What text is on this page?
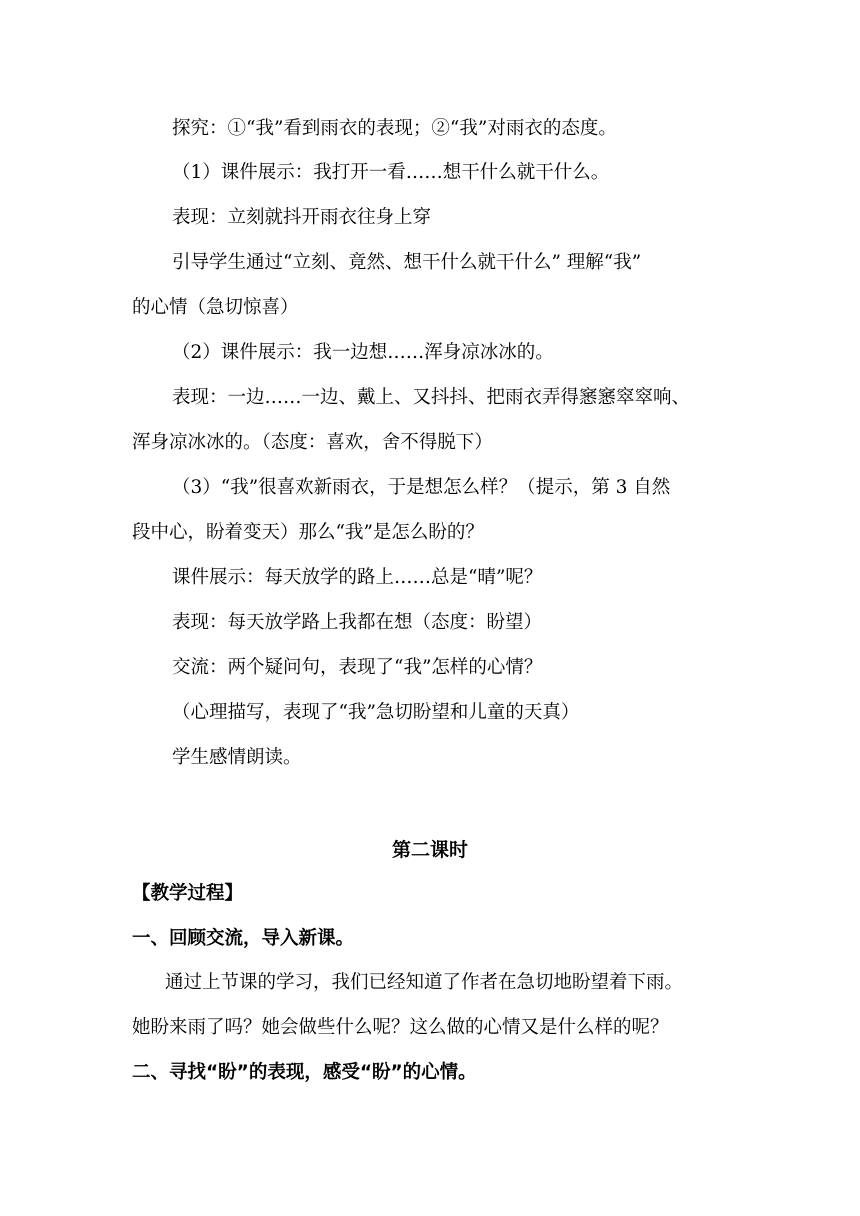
探究：①“我”看到雨衣的表现；②“我”对雨衣的态度。
（1）课件展示：我打开一看……想干什么就干什么。
表现：立刻就抖开雨衣往身上穿
引导学生通过“立刻、竟然、想干什么就干什么” 理解“我”
的心情（急切惊喜）
（2）课件展示：我一边想……浑身凉冰冰的。
表现：一边……一边、戴上、又抖抖、把雨衣弄得窸窸窣窣响、
浑身凉冰冰的。（态度：喜欢，舍不得脱下）
（3）“我”很喜欢新雨衣，于是想怎么样？（提示，第 3 自然
段中心，盼着变天）那么“我”是怎么盼的？
课件展示：每天放学的路上……总是“晴”呢？
表现：每天放学路上我都在想（态度：盼望）
交流：两个疑问句，表现了“我”怎样的心情？
（心理描写，表现了“我”急切盼望和儿童的天真）
学生感情朗读。
第二课时
【教学过程】
一、回顾交流，导入新课。
通过上节课的学习，我们已经知道了作者在急切地盼望着下雨。
她盼来雨了吗？她会做些什么呢？这么做的心情又是什么样的呢？
二、寻找“盼”的表现，感受“盼”的心情。
